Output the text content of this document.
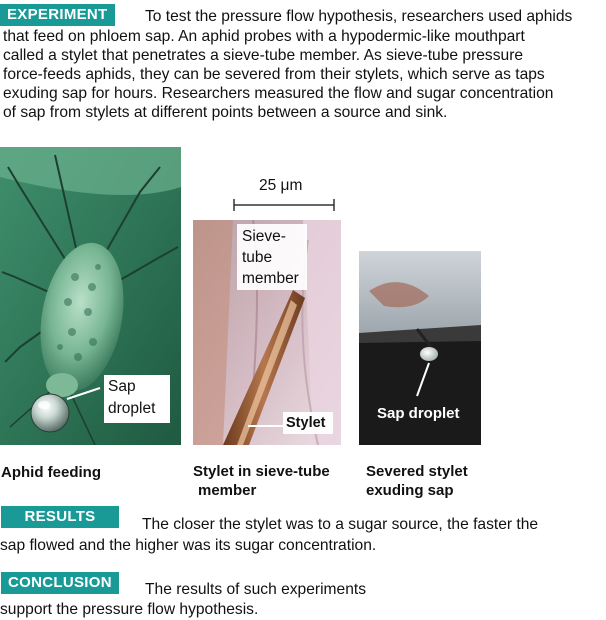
EXPERIMENT	To test the pressure flow hypothesis, researchers used aphids
that feed on phloem sap. An aphid probes with a hypodermic-like mouthpart
called a stylet that penetrates a sieve-tube member. As sieve-tube pressure
force-feeds aphids, they can be severed from their stylets, which serve as taps
exuding sap for hours. Researchers measured the flow and sugar concentration
of sap from stylets at different points between a source and sink.
Sap
droplet
25 μm
Sieve-
tube
member
Stylet
Sap droplet
Aphid feeding	Stylet in sieve-tube
member
Severed stylet
exuding sap
RESULTS	The closer the stylet was to a sugar source, the faster the
sap flowed and the higher was its sugar concentration.
CONCLUSION	The results of such experiments
support the pressure flow hypothesis.
